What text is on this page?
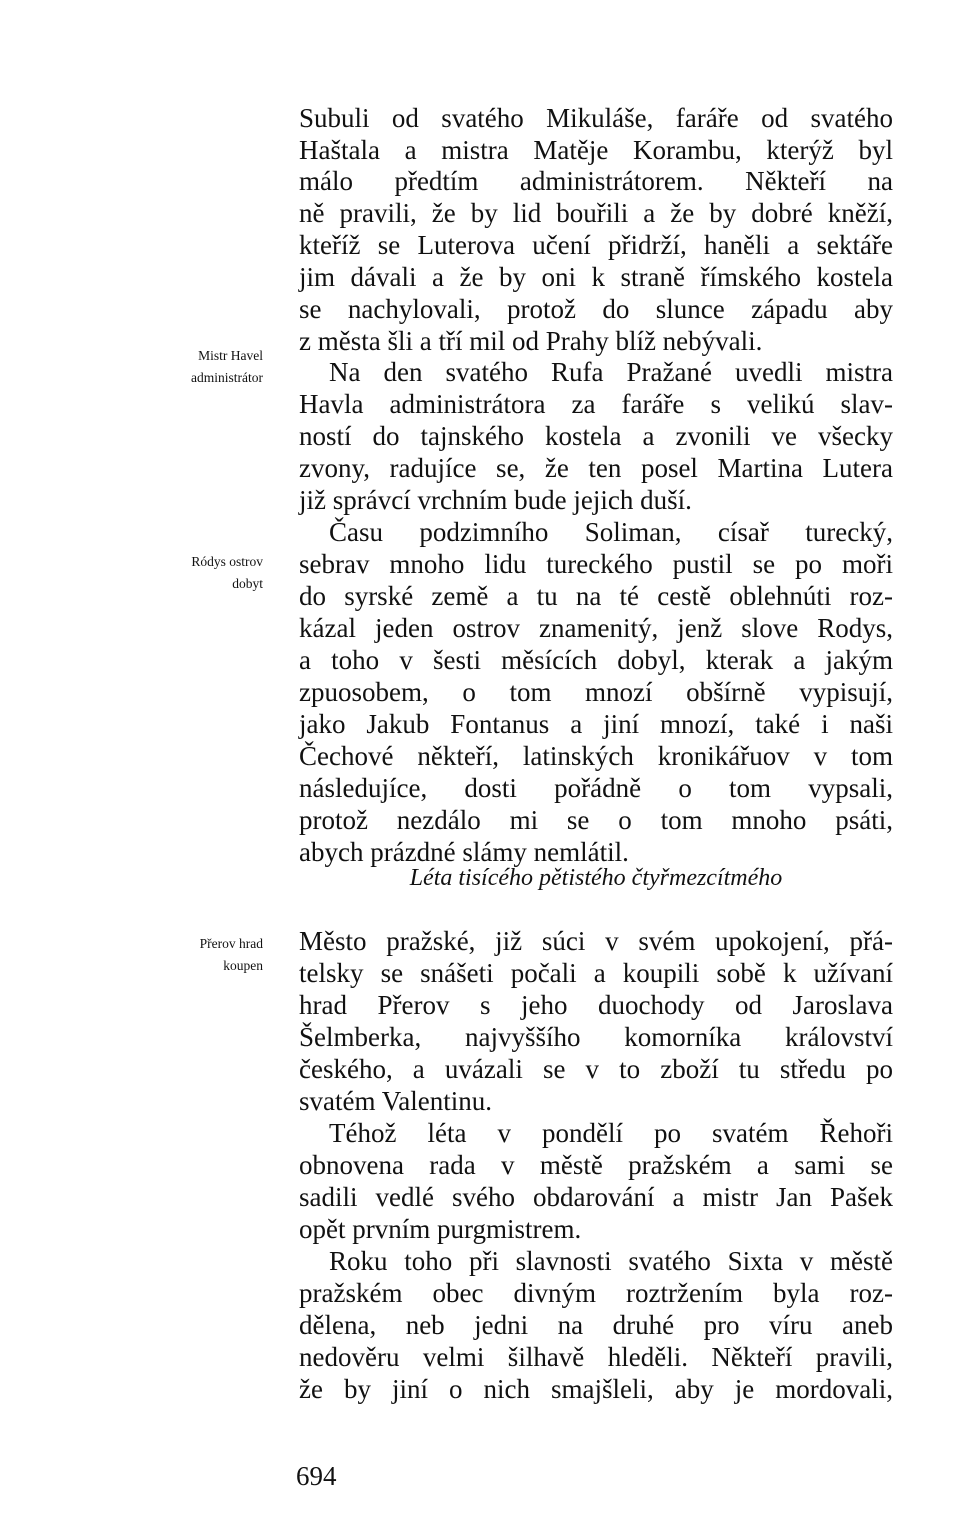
Subuli od svatého Mikuláše, faráře od svatého
Haštala a mistra Matěje Korambu, kterýž byl
málo předtím administrátorem. Někteří na
ně pravili, že by lid bouřili a že by dobré kněží,
kteříž se Luterova učení přidrží, haněli a sektáře
jim dávali a že by oni k straně římského kostela
se nachylovali, protož do slunce západu aby
z města šli a tří mil od Prahy blíž nebývali.
Na den svatého Rufa Pražané uvedli mistra
Havla administrátora za faráře s velikú slav-
ností do tajnského kostela a zvonili ve všecky
zvony, radujíce se, že ten posel Martina Lutera
již správcí vrchním bude jejich duší.
Času podzimního Soliman, císař turecký,
sebrav mnoho lidu tureckého pustil se po moři
do syrské země a tu na té cestě oblehnúti roz-
kázal jeden ostrov znamenitý, jenž slove Rodys,
a toho v šesti měsících dobyl, kterak a jakým
zpuosobem, o tom mnozí obšírně vypisují,
jako Jakub Fontanus a jiní mnozí, také i naši
Čechové někteří, latinských kronikářuov v tom
následujíce, dosti pořádně o tom vypsali,
protož nezdálo mi se o tom mnoho psáti,
abych prázdné slámy nemlátil.
Léta tisícého pětistého čtyřmezcítmého
Město pražské, již súci v svém upokojení, přá-
telsky se snášeti počali a koupili sobě k užívaní
hrad Přerov s jeho duochody od Jaroslava
Šelmberka, najvyššího komorníka království
českého, a uvázali se v to zboží tu středu po
svatém Valentinu.
Téhož léta v pondělí po svatém Řehoři
obnovena rada v městě pražském a sami se
sadili vedlé svého obdarování a mistr Jan Pašek
opět prvním purgmistrem.
Roku toho při slavnosti svatého Sixta v městě
pražském obec divným roztržením byla roz-
dělena, neb jedni na druhé pro víru aneb
nedověru velmi šilhavě hleděli. Někteří pravili,
že by jiní o nich smajšleli, aby je mordovali,
Mistr Havel
administrátor
Ródys ostrov
dobyt
Přerov hrad
koupen
694
